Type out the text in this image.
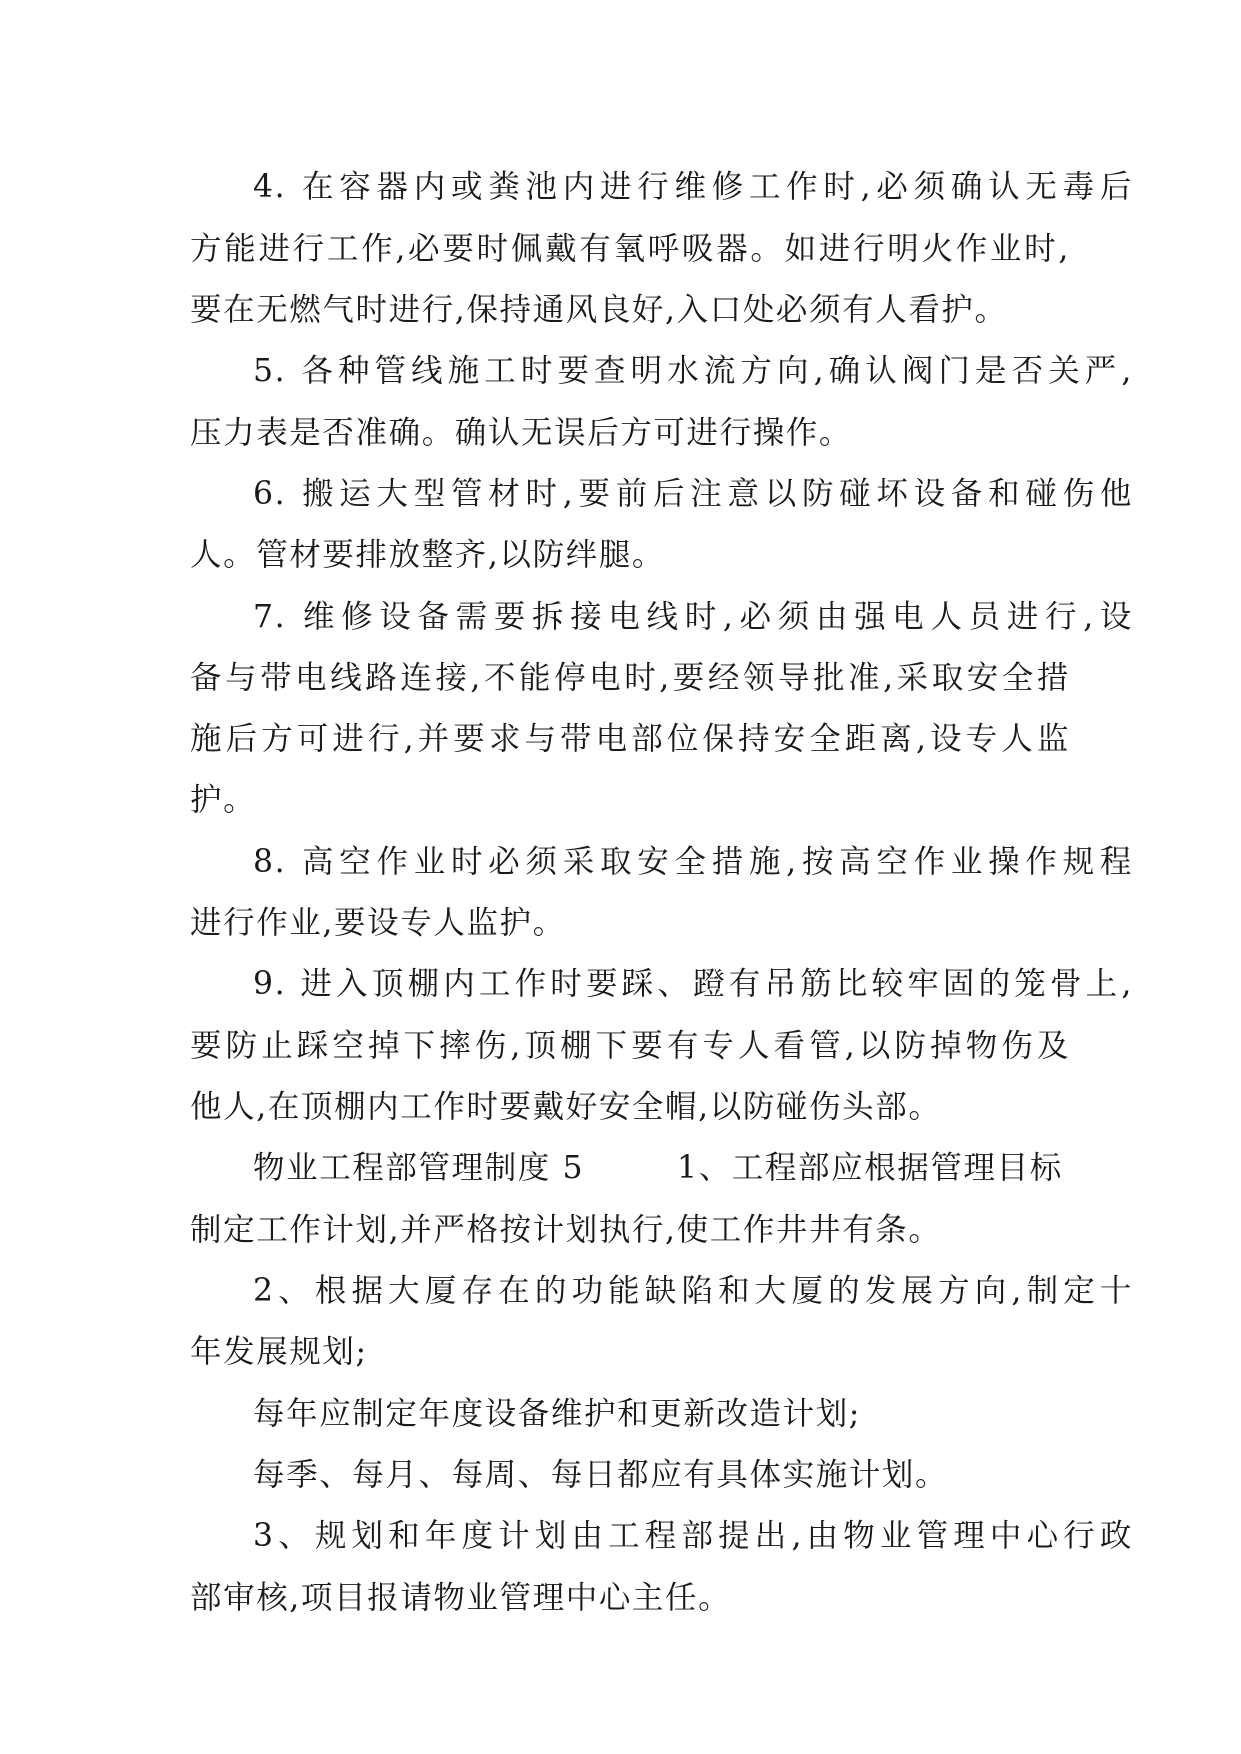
4. 在容器内或粪池内进行维修工作时,必须确认无毒后
方能进行工作,必要时佩戴有氧呼吸器。如进行明火作业时,
要在无燃气时进行,保持通风良好,入口处必须有人看护。
5. 各种管线施工时要查明水流方向,确认阀门是否关严,
压力表是否准确。确认无误后方可进行操作。
6. 搬运大型管材时,要前后注意以防碰坏设备和碰伤他
人。管材要排放整齐,以防绊腿。
7. 维修设备需要拆接电线时,必须由强电人员进行,设
备与带电线路连接,不能停电时,要经领导批准,采取安全措
施后方可进行,并要求与带电部位保持安全距离,设专人监
护。
8. 高空作业时必须采取安全措施,按高空作业操作规程
进行作业,要设专人监护。
9. 进入顶棚内工作时要踩、蹬有吊筋比较牢固的笼骨上,
要防止踩空掉下摔伤,顶棚下要有专人看管,以防掉物伤及
他人,在顶棚内工作时要戴好安全帽,以防碰伤头部。
物业工程部管理制度 5        1、工程部应根据管理目标
制定工作计划,并严格按计划执行,使工作井井有条。
2、根据大厦存在的功能缺陷和大厦的发展方向,制定十
年发展规划;
每年应制定年度设备维护和更新改造计划;
每季、每月、每周、每日都应有具体实施计划。
3、规划和年度计划由工程部提出,由物业管理中心行政
部审核,项目报请物业管理中心主任。
